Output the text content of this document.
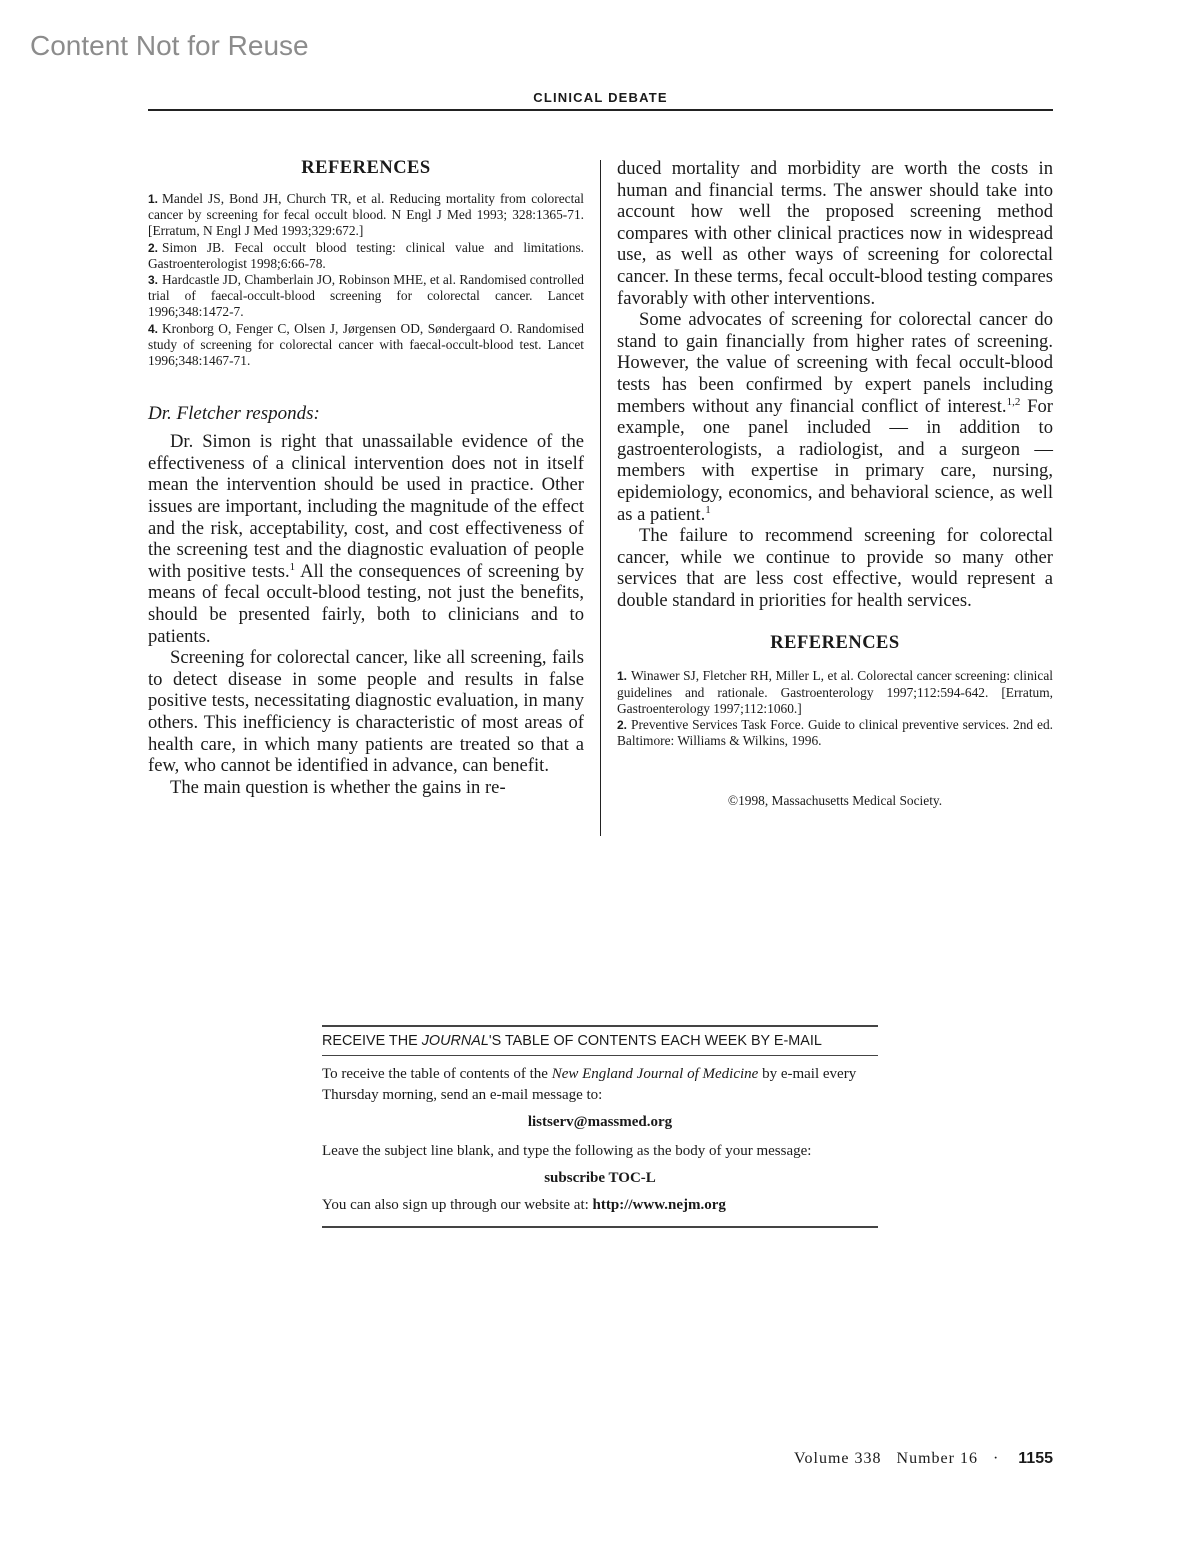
Content Not for Reuse
CLINICAL DEBATE
REFERENCES
1. Mandel JS, Bond JH, Church TR, et al. Reducing mortality from colorectal cancer by screening for fecal occult blood. N Engl J Med 1993; 328:1365-71. [Erratum, N Engl J Med 1993;329:672.]
2. Simon JB. Fecal occult blood testing: clinical value and limitations. Gastroenterologist 1998;6:66-78.
3. Hardcastle JD, Chamberlain JO, Robinson MHE, et al. Randomised controlled trial of faecal-occult-blood screening for colorectal cancer. Lancet 1996;348:1472-7.
4. Kronborg O, Fenger C, Olsen J, Jørgensen OD, Søndergaard O. Randomised study of screening for colorectal cancer with faecal-occult-blood test. Lancet 1996;348:1467-71.
Dr. Fletcher responds:

Dr. Simon is right that unassailable evidence of the effectiveness of a clinical intervention does not in itself mean the intervention should be used in practice. Other issues are important, including the magnitude of the effect and the risk, acceptability, cost, and cost effectiveness of the screening test and the diagnostic evaluation of people with positive tests.$^1$ All the consequences of screening by means of fecal occult-blood testing, not just the benefits, should be presented fairly, both to clinicians and to patients.

Screening for colorectal cancer, like all screening, fails to detect disease in some people and results in false positive tests, necessitating diagnostic evaluation, in many others. This inefficiency is characteristic of most areas of health care, in which many patients are treated so that a few, who cannot be identified in advance, can benefit.

The main question is whether the gains in re-

duced mortality and morbidity are worth the costs in human and financial terms. The answer should take into account how well the proposed screening method compares with other clinical practices now in widespread use, as well as other ways of screening for colorectal cancer. In these terms, fecal occult-blood testing compares favorably with other interventions.

Some advocates of screening for colorectal cancer do stand to gain financially from higher rates of screening. However, the value of screening with fecal occult-blood tests has been confirmed by expert panels including members without any financial conflict of interest.$^{1,2}$ For example, one panel included — in addition to gastroenterologists, a radiologist, and a surgeon — members with expertise in primary care, nursing, epidemiology, economics, and behavioral science, as well as a patient.$^1$

The failure to recommend screening for colorectal cancer, while we continue to provide so many other services that are less cost effective, would represent a double standard in priorities for health services.

REFERENCES
1. Winawer SJ, Fletcher RH, Miller L, et al. Colorectal cancer screening: clinical guidelines and rationale. Gastroenterology 1997;112:594-642. [Erratum, Gastroenterology 1997;112:1060.]
2. Preventive Services Task Force. Guide to clinical preventive services. 2nd ed. Baltimore: Williams & Wilkins, 1996.
©1998, Massachusetts Medical Society.
RECEIVE THE JOURNAL'S TABLE OF CONTENTS EACH WEEK BY E-MAIL

To receive the table of contents of the New England Journal of Medicine by e-mail every Thursday morning, send an e-mail message to:

listserv@massmed.org

Leave the subject line blank, and type the following as the body of your message:

subscribe TOC-L

You can also sign up through our website at: http://www.nejm.org

Volume 338 Number 16 · 1155
